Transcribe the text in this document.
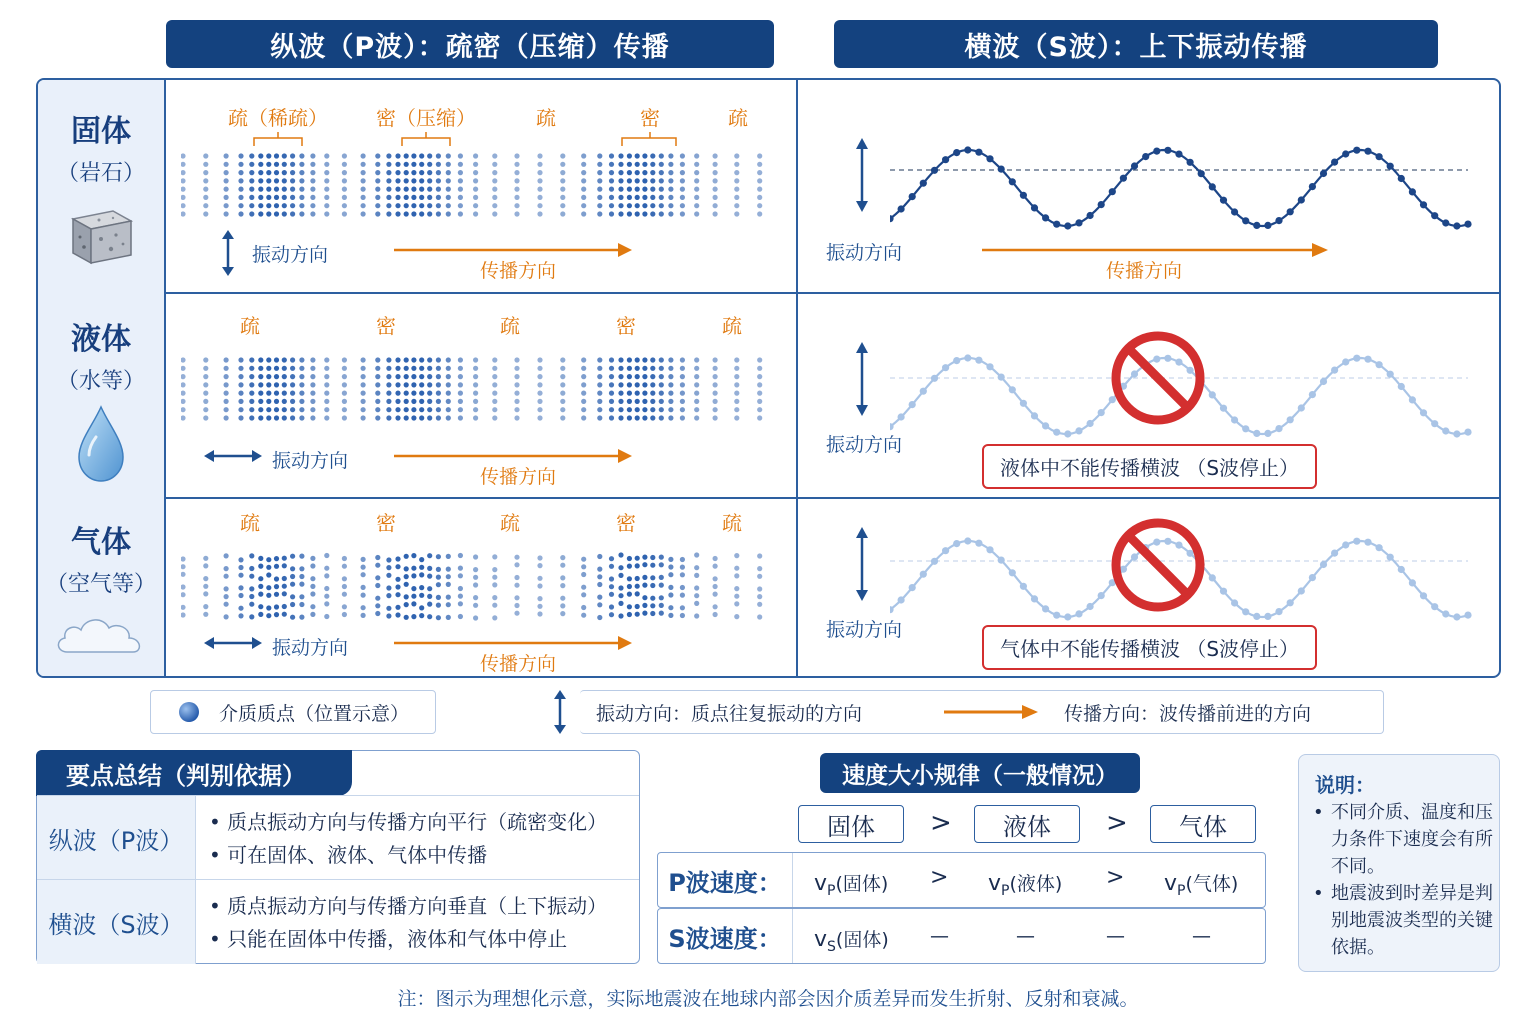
纵波（P波）：疏密（压缩）传播	横波（S波）：上下振动传播
固体
（岩石）
疏（稀疏） 密（压缩）	疏	密	疏
振动方向
传播方向
振动方向
传播方向
液体
（水等）
疏	密	疏	密	疏
振动方向
传播方向
振动方向
液体中不能传播横波 （S波停止）
气体
（空气等）
疏	密	疏	密	疏
振动方向
传播方向
振动方向
气体中不能传播横波 （S波停止）
介质质点（位置示意）	振动方向：质点往复振动的方向	传播方向：波传播前进的方向
要点总结（判别依据）
纵波（P波）
• 质点振动方向与传播方向平行（疏密变化）
• 可在固体、液体、气体中传播
横波（S波）
• 质点振动方向与传播方向垂直（上下振动）
• 只能在固体中传播，液体和气体中停止
速度大小规律（一般情况）
固体	>	液体	>	气体
P波速度：	$v_P$(固体) > $v_P$(液体) > $v_P$(气体)
S波速度：	$v_S$(固体) —	—	—	—
说明：
• 不同介质、温度和压力条件下速度会有所不同。
• 地震波到时差异是判别地震波类型的关键依据。
注：图示为理想化示意，实际地震波在地球内部会因介质差异而发生折射、反射和衰减。
